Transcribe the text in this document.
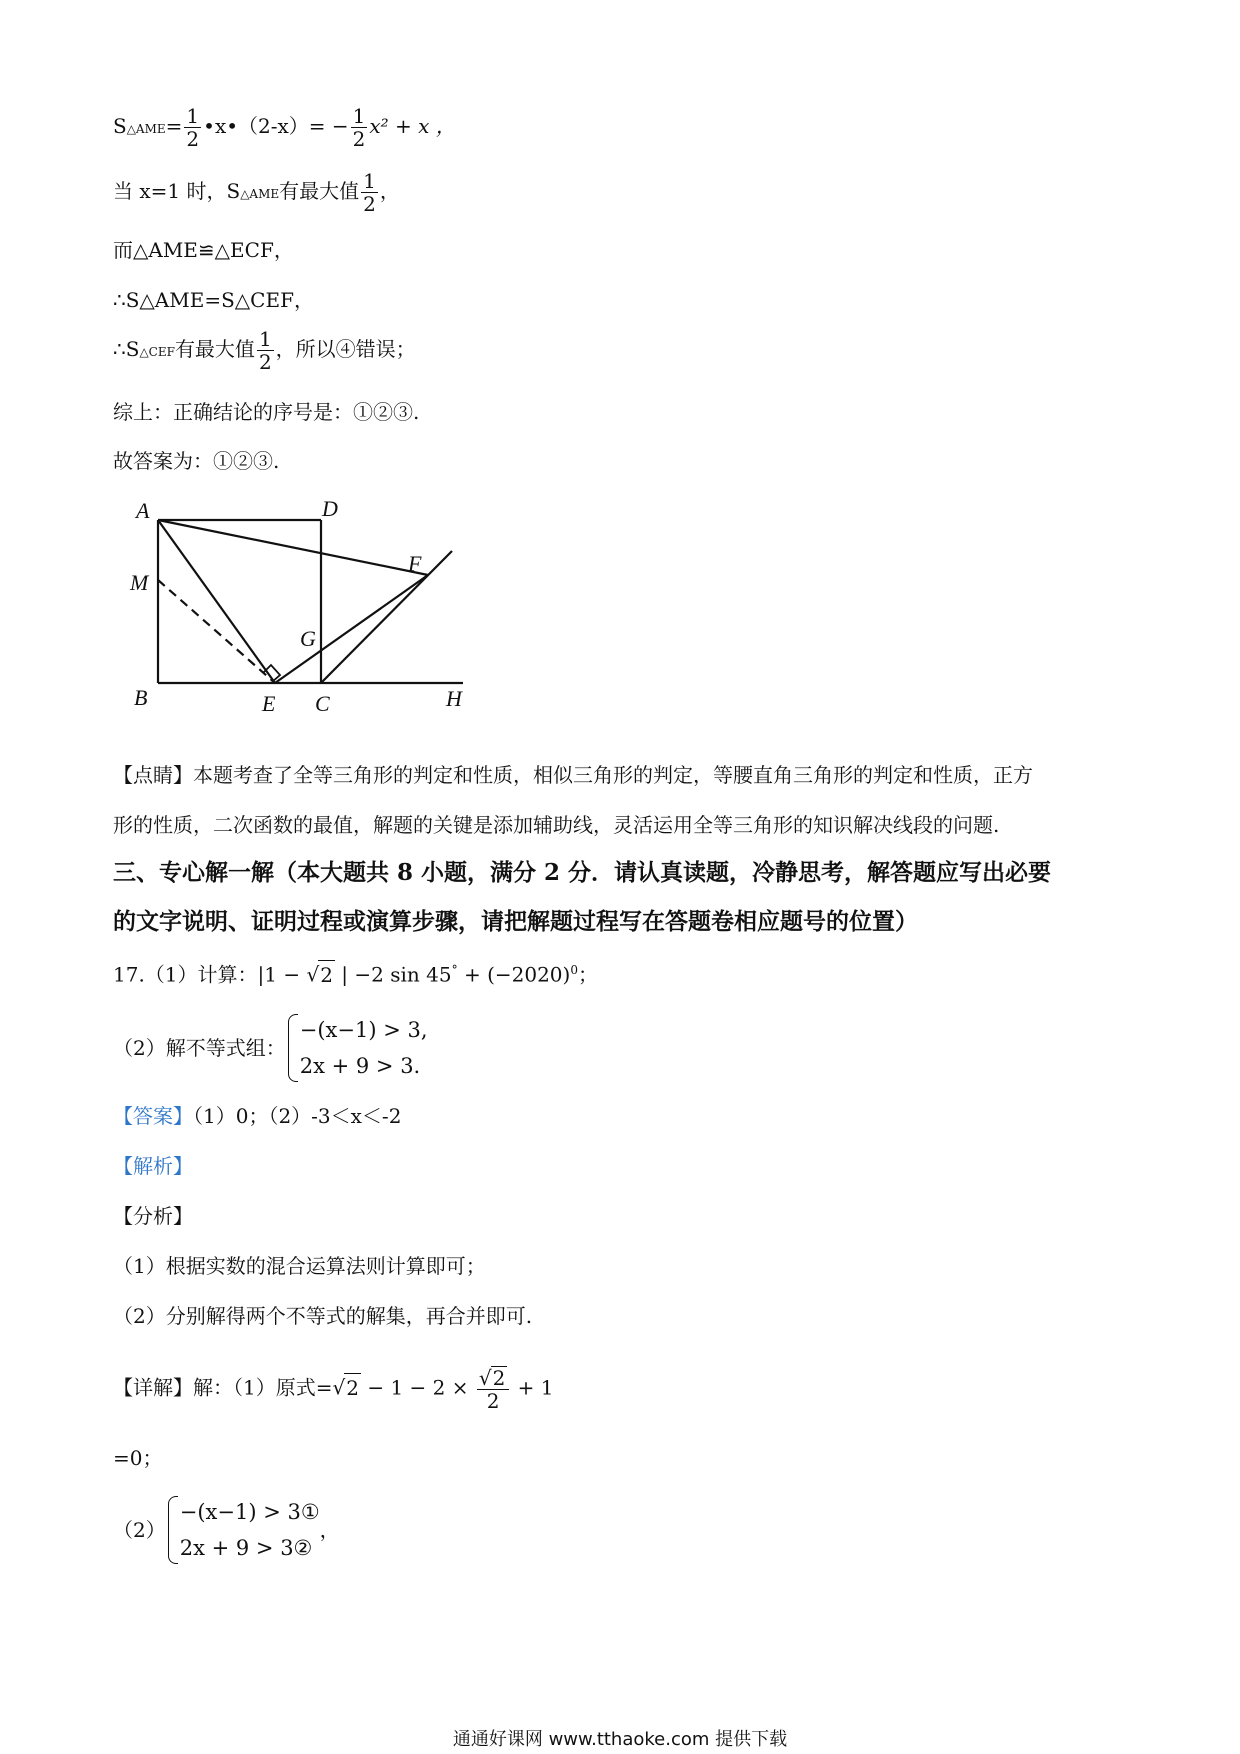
S△AME= $\frac{1}{2}$ •x•（2-x）= − $\frac{1}{2} x^2 + x$ ，
当 x=1 时，S△AME有最大值 $\frac{1}{2}$ ，
而△AME≌△ECF，
∴S△AME=S△CEF，
∴S△CEF有最大值 $\frac{1}{2}$ ，所以④错误；
综上：正确结论的序号是：①②③.
故答案为：①②③.
A	D
M
F
G
B	E C	H
【点睛】本题考查了全等三角形的判定和性质，相似三角形的判定，等腰直角三角形的判定和性质，正方
形的性质，二次函数的最值，解题的关键是添加辅助线，灵活运用全等三角形的知识解决线段的问题.
三、专心解一解（本大题共 8 小题，满分 2 分．请认真读题，冷静思考，解答题应写出必要
的文字说明、证明过程或演算步骤，请把解题过程写在答题卷相应题号的位置）
17.（1）计算：|1 − √2 | −2 $\sin 45^\circ + (-2020)^0$；
（2）解不等式组：
−(x−1) > 3,
2x + 9 > 3.
【答案】（1）0；（2）-3＜x＜-2
【解析】
【分析】
（1）根据实数的混合运算法则计算即可；
（2）分别解得两个不等式的解集，再合并即可.
【详解】解：（1）原式$=√2 - 1 - 2 \times \frac{√2}{2} + 1$
=0；
（2）
−(x−1) > 3①
2x + 9 > 3②
，
通通好课网 www.tthaoke.com 提供下载
